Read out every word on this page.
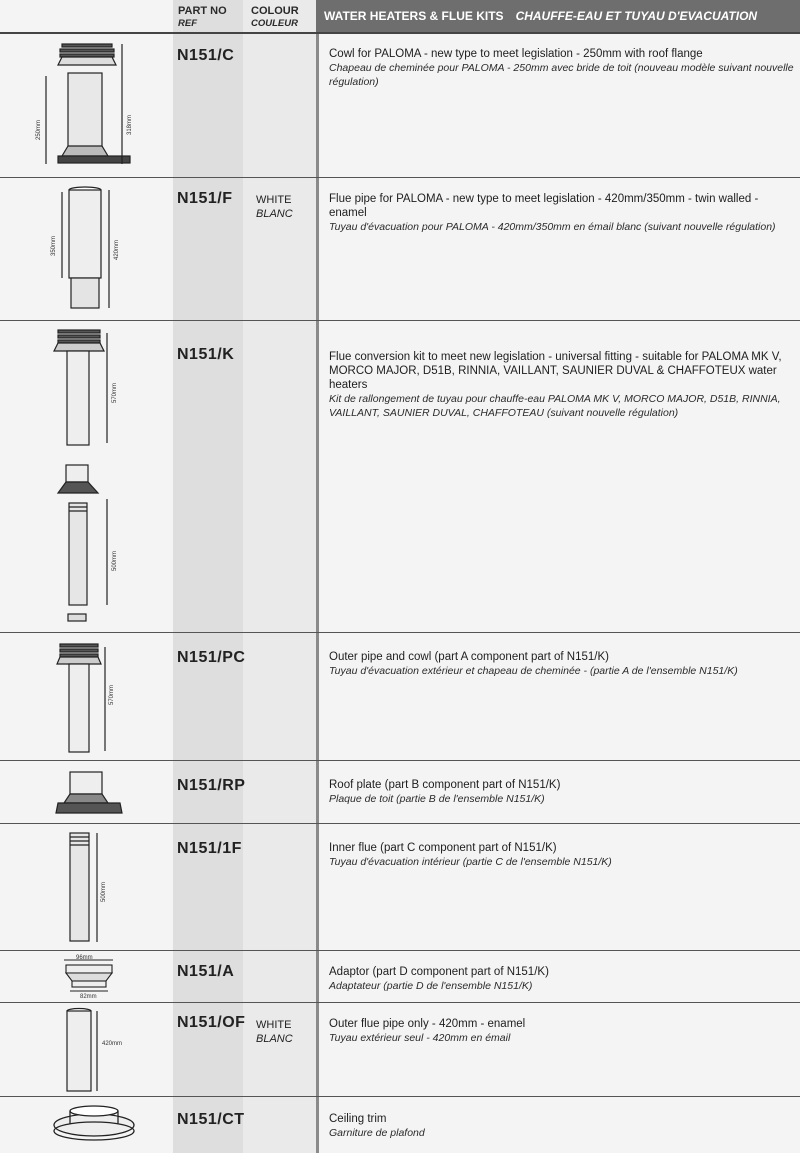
PART NO
REF
COLOUR
COULEUR
WATER HEATERS & FLUE KITS CHAUFFE-EAU ET TUYAU D'EVACUATION
N151/C	Cowl for PALOMA - new type to meet legislation - 250mm with roof flange
Chapeau de cheminée pour PALOMA - 250mm avec bride de toit (nouveau modèle suivant nouvelle régulation)
250mm	318mm
N151/F WHITE
BLANC
Flue pipe for PALOMA - new type to meet legislation - 420mm/350mm - twin walled - enamel
Tuyau d'évacuation pour PALOMA - 420mm/350mm en émail blanc (suivant nouvelle régulation)
350mm	420mm
N151/K	Flue conversion kit to meet new legislation - universal fitting - suitable for PALOMA MK V, MORCO MAJOR, D51B, RINNIA, VAILLANT, SAUNIER DUVAL & CHAFFOTEUX water heaters
Kit de rallongement de tuyau pour chauffe-eau PALOMA MK V, MORCO MAJOR, D51B, RINNIA, VAILLANT, SAUNIER DUVAL, CHAFFOTEAU (suivant nouvelle régulation)
570mm
500mm
N151/PC	Outer pipe and cowl (part A component part of N151/K)
Tuyau d'évacuation extérieur et chapeau de cheminée - (partie A de l'ensemble N151/K)
570mm
N151/RP	Roof plate (part B component part of N151/K)
Plaque de toit (partie B de l'ensemble N151/K)
N151/1F	Inner flue (part C component part of N151/K)
Tuyau d'évacuation intérieur (partie C de l'ensemble N151/K)
500mm
N151/A	Adaptor (part D component part of N151/K)
Adaptateur (partie D de l'ensemble N151/K)
96mm
82mm
N151/OF WHITE
BLANC
Outer flue pipe only - 420mm - enamel
Tuyau extérieur seul - 420mm en émail
420mm
N151/CT	Ceiling trim
Garniture de plafond
